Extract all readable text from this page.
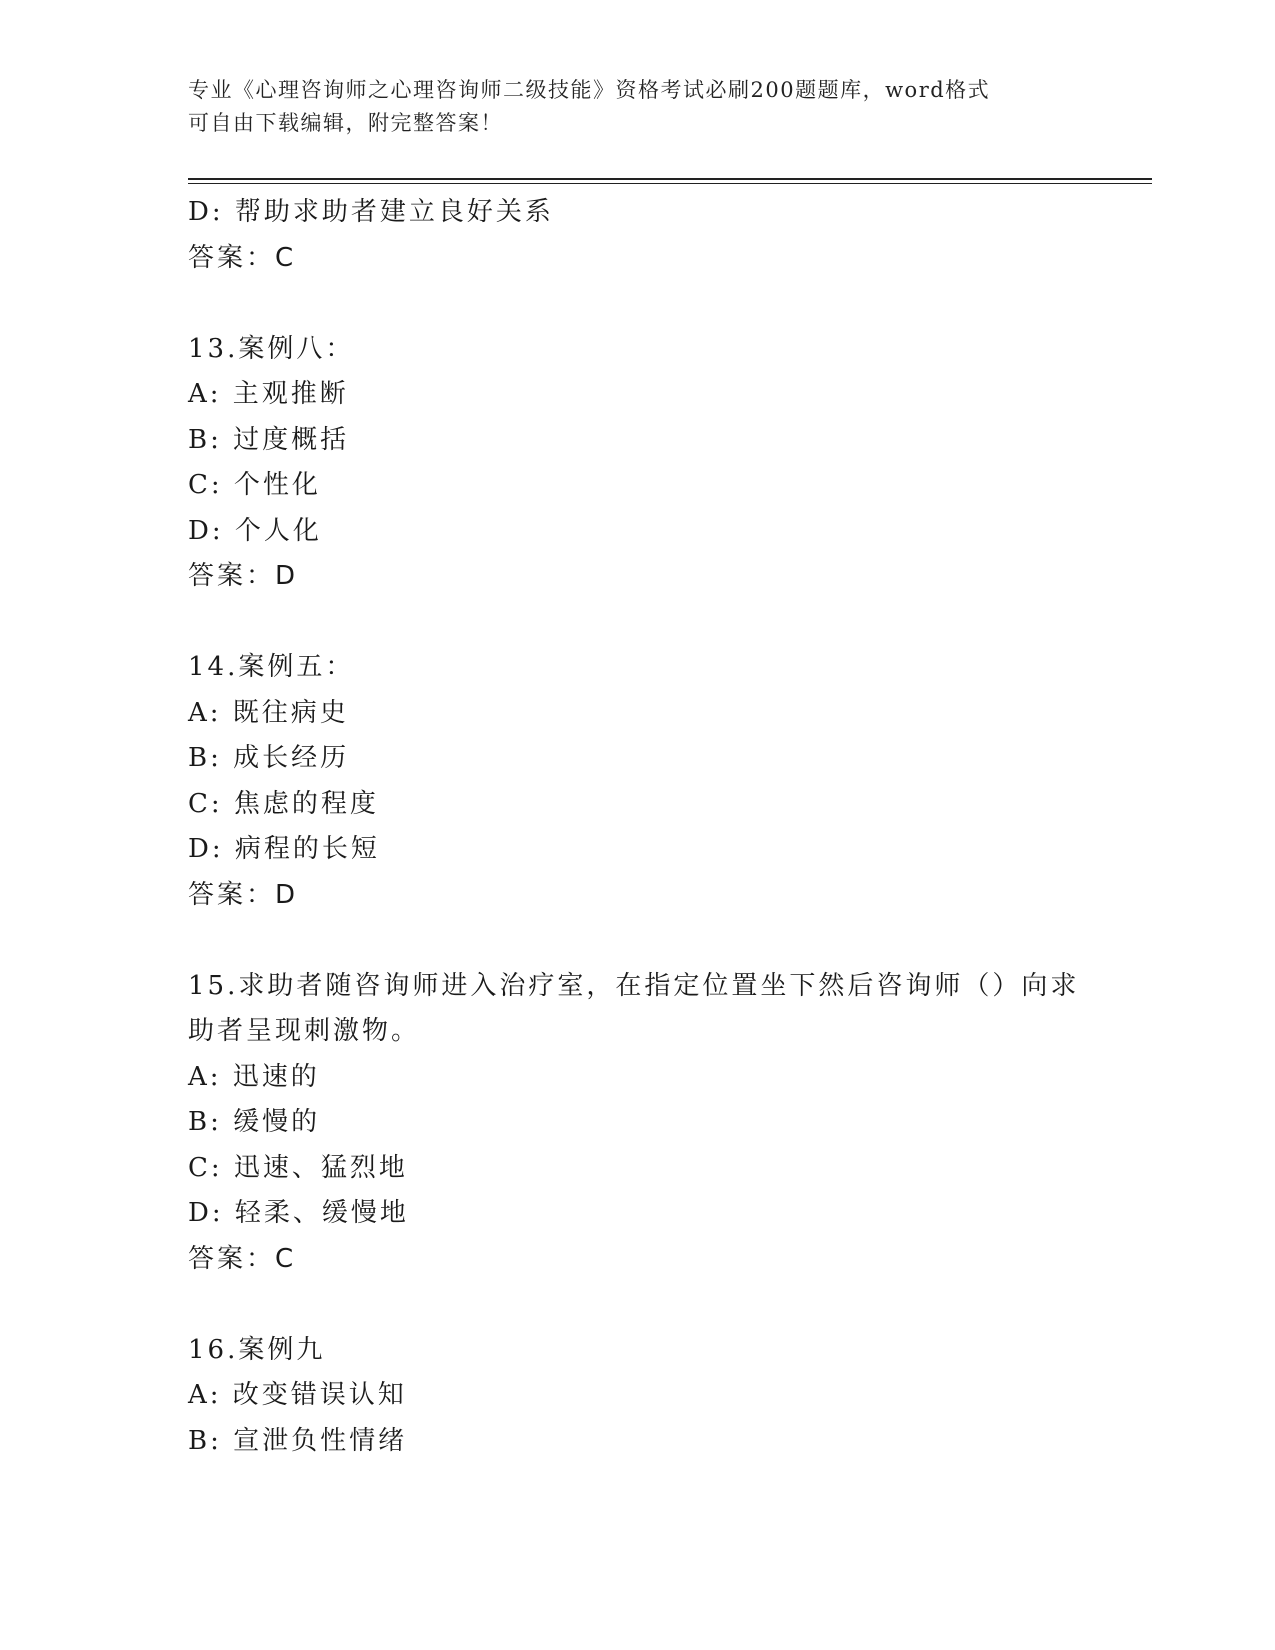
专业《心理咨询师之心理咨询师二级技能》资格考试必刷200题题库，word格式
可自由下载编辑，附完整答案！
D: 帮助求助者建立良好关系
答案：C
13.案例八：
A: 主观推断
B: 过度概括
C: 个性化
D: 个人化
答案：D
14.案例五：
A: 既往病史
B: 成长经历
C: 焦虑的程度
D: 病程的长短
答案：D
15.求助者随咨询师进入治疗室，在指定位置坐下然后咨询师（）向求
助者呈现刺激物。
A: 迅速的
B: 缓慢的
C: 迅速、猛烈地
D: 轻柔、缓慢地
答案：C
16.案例九
A: 改变错误认知
B: 宣泄负性情绪
